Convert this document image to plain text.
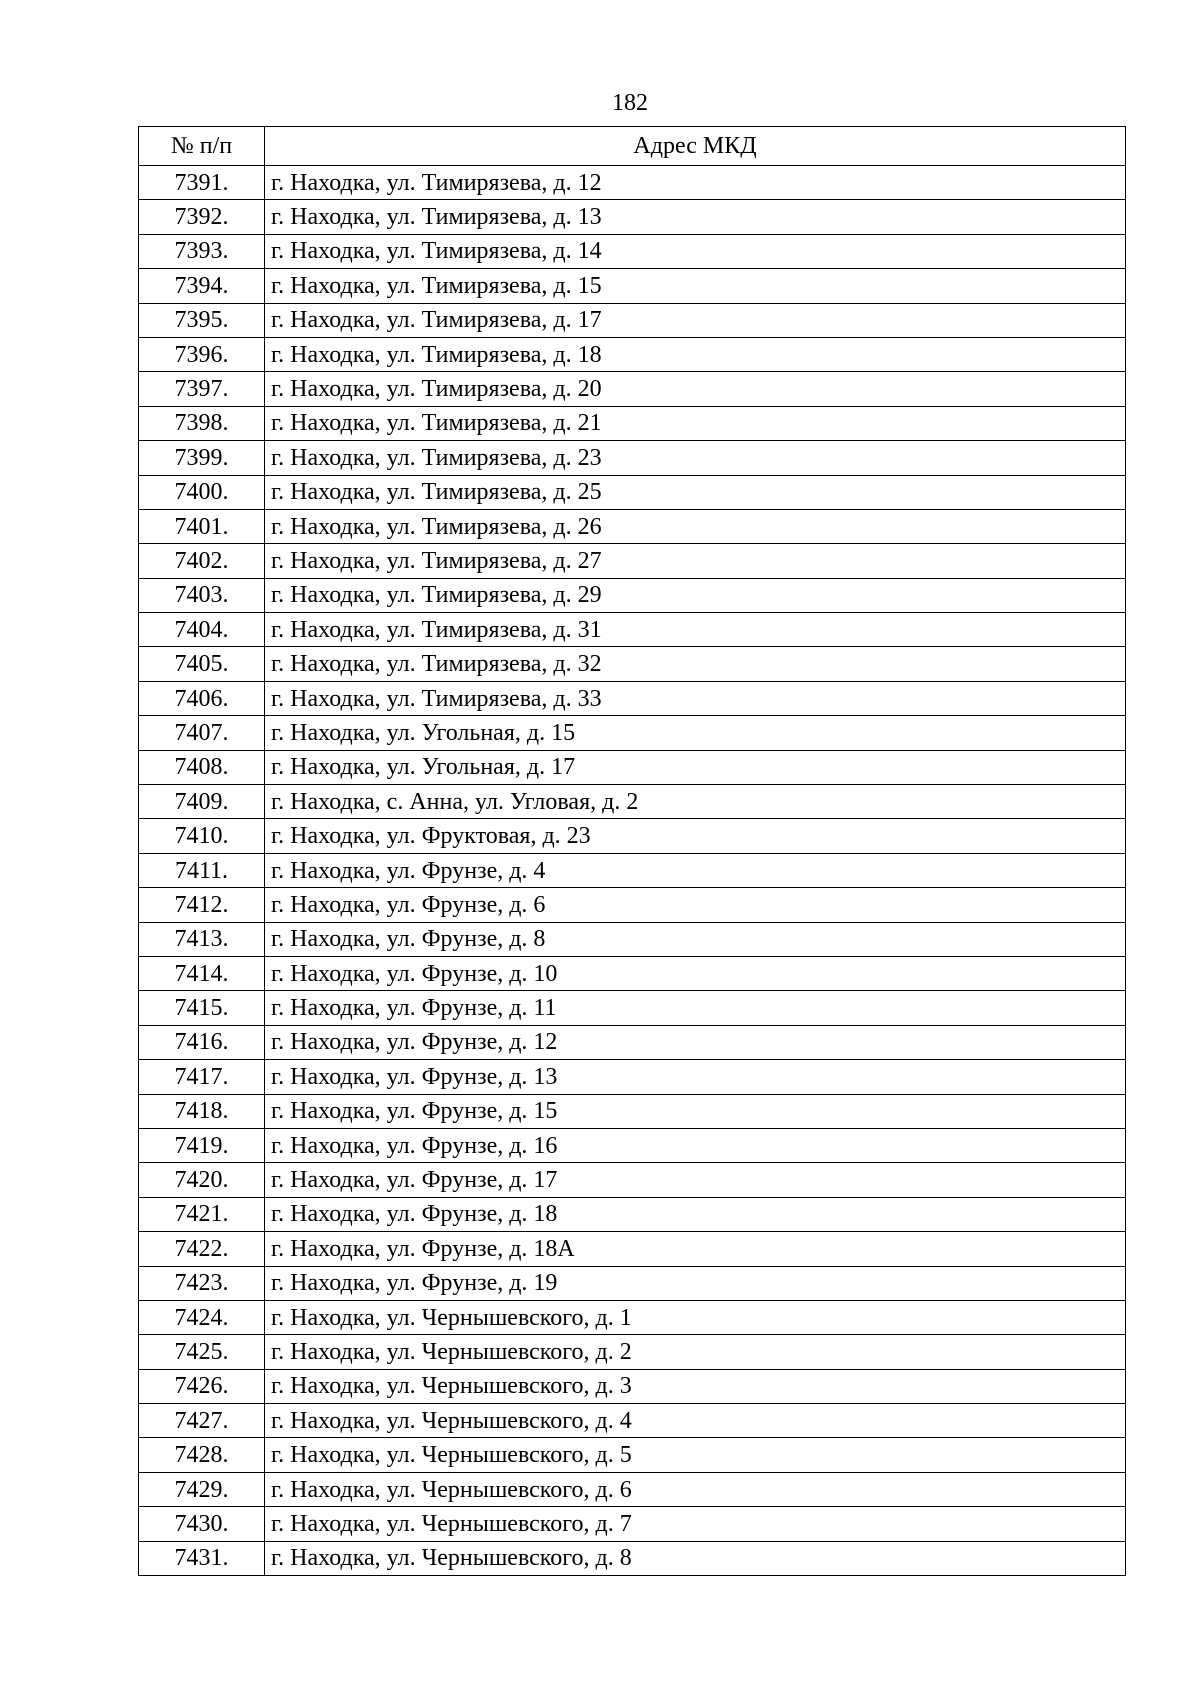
182
№ п/п	Адрес МКД
7391.	г. Находка, ул. Тимирязева, д. 12
7392.	г. Находка, ул. Тимирязева, д. 13
7393.	г. Находка, ул. Тимирязева, д. 14
7394.	г. Находка, ул. Тимирязева, д. 15
7395.	г. Находка, ул. Тимирязева, д. 17
7396.	г. Находка, ул. Тимирязева, д. 18
7397.	г. Находка, ул. Тимирязева, д. 20
7398.	г. Находка, ул. Тимирязева, д. 21
7399.	г. Находка, ул. Тимирязева, д. 23
7400.	г. Находка, ул. Тимирязева, д. 25
7401.	г. Находка, ул. Тимирязева, д. 26
7402.	г. Находка, ул. Тимирязева, д. 27
7403.	г. Находка, ул. Тимирязева, д. 29
7404.	г. Находка, ул. Тимирязева, д. 31
7405.	г. Находка, ул. Тимирязева, д. 32
7406.	г. Находка, ул. Тимирязева, д. 33
7407.	г. Находка, ул. Угольная, д. 15
7408.	г. Находка, ул. Угольная, д. 17
7409.	г. Находка, с. Анна, ул. Угловая, д. 2
7410.	г. Находка, ул. Фруктовая, д. 23
7411.	г. Находка, ул. Фрунзе, д. 4
7412.	г. Находка, ул. Фрунзе, д. 6
7413.	г. Находка, ул. Фрунзе, д. 8
7414.	г. Находка, ул. Фрунзе, д. 10
7415.	г. Находка, ул. Фрунзе, д. 11
7416.	г. Находка, ул. Фрунзе, д. 12
7417.	г. Находка, ул. Фрунзе, д. 13
7418.	г. Находка, ул. Фрунзе, д. 15
7419.	г. Находка, ул. Фрунзе, д. 16
7420.	г. Находка, ул. Фрунзе, д. 17
7421.	г. Находка, ул. Фрунзе, д. 18
7422.	г. Находка, ул. Фрунзе, д. 18А
7423.	г. Находка, ул. Фрунзе, д. 19
7424.	г. Находка, ул. Чернышевского, д. 1
7425.	г. Находка, ул. Чернышевского, д. 2
7426.	г. Находка, ул. Чернышевского, д. 3
7427.	г. Находка, ул. Чернышевского, д. 4
7428.	г. Находка, ул. Чернышевского, д. 5
7429.	г. Находка, ул. Чернышевского, д. 6
7430.	г. Находка, ул. Чернышевского, д. 7
7431.	г. Находка, ул. Чернышевского, д. 8
